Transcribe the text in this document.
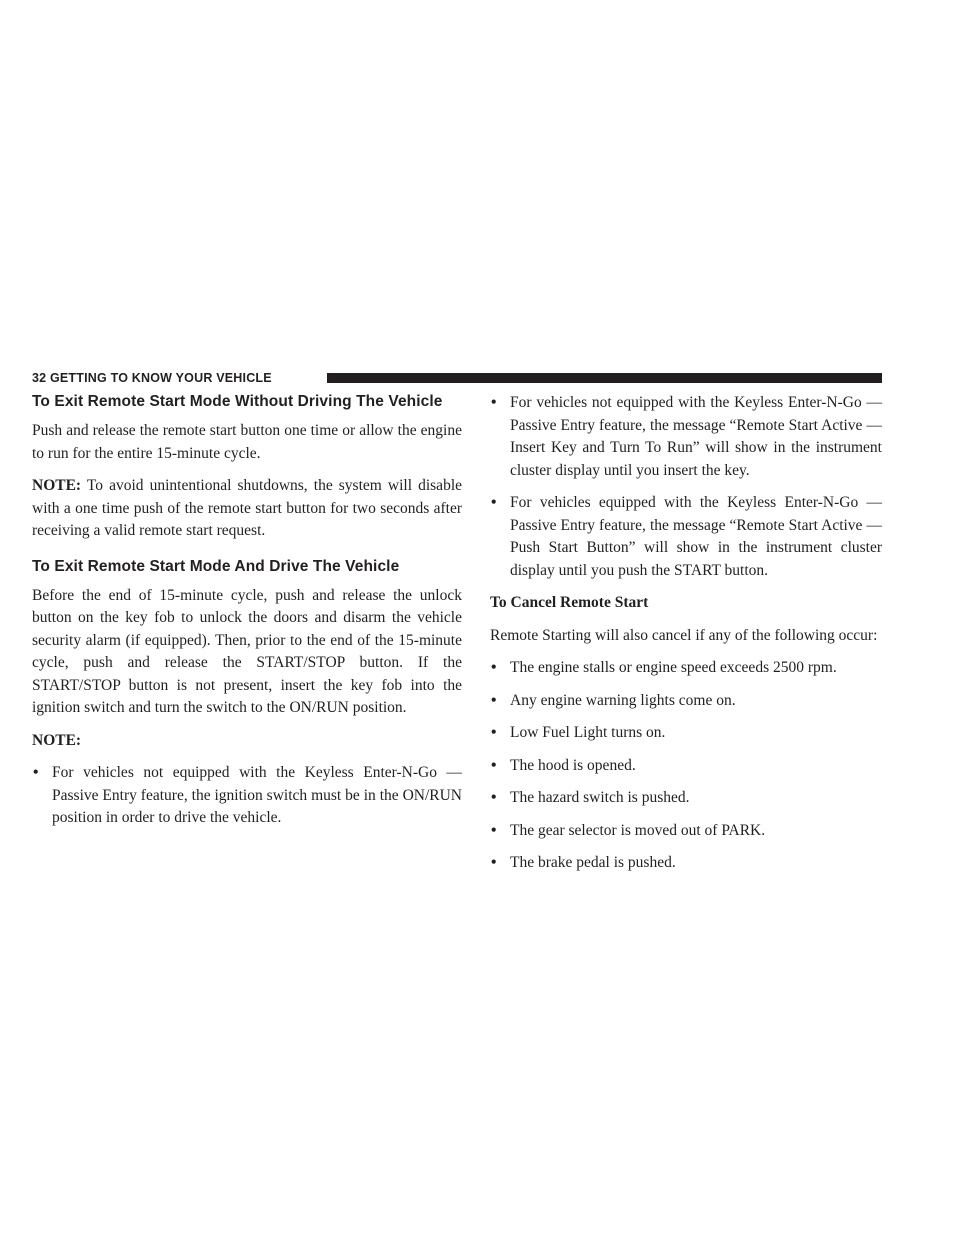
32 GETTING TO KNOW YOUR VEHICLE
To Exit Remote Start Mode Without Driving The Vehicle

Push and release the remote start button one time or allow the engine to run for the entire 15-minute cycle.

NOTE: To avoid unintentional shutdowns, the system will disable with a one time push of the remote start button for two seconds after receiving a valid remote start request.

To Exit Remote Start Mode And Drive The Vehicle

Before the end of 15-minute cycle, push and release the unlock button on the key fob to unlock the doors and disarm the vehicle security alarm (if equipped). Then, prior to the end of the 15-minute cycle, push and release the START/STOP button. If the START/STOP button is not present, insert the key fob into the ignition switch and turn the switch to the ON/RUN position.

NOTE:

• For vehicles not equipped with the Keyless Enter-N-Go — Passive Entry feature, the ignition switch must be in the ON/RUN position in order to drive the vehicle.
• For vehicles not equipped with the Keyless Enter-N-Go — Passive Entry feature, the message “Remote Start Active — Insert Key and Turn To Run” will show in the instrument cluster display until you insert the key.
• For vehicles equipped with the Keyless Enter-N-Go — Passive Entry feature, the message “Remote Start Active — Push Start Button” will show in the instrument cluster display until you push the START button.

To Cancel Remote Start

Remote Starting will also cancel if any of the following occur:

• The engine stalls or engine speed exceeds 2500 rpm.
• Any engine warning lights come on.
• Low Fuel Light turns on.
• The hood is opened.
• The hazard switch is pushed.
• The gear selector is moved out of PARK.
• The brake pedal is pushed.
